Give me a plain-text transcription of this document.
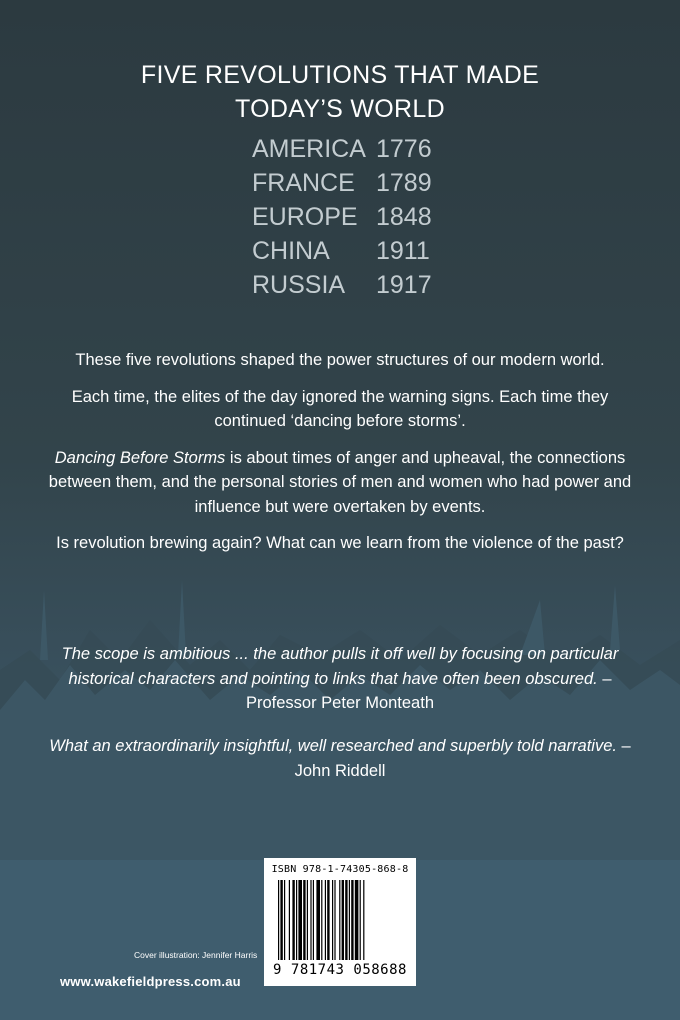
FIVE REVOLUTIONS THAT MADE
TODAY’S WORLD
AMERICA 1776
FRANCE 1789
EUROPE 1848
CHINA	1911
RUSSIA	1917

These five revolutions shaped the power structures of our modern world.

Each time, the elites of the day ignored the warning signs. Each time they continued ‘dancing before storms’.

Dancing Before Storms is about times of anger and upheaval, the connections between them, and the personal stories of men and women who had power and influence but were overtaken by events.

Is revolution brewing again? What can we learn from the violence of the past?

The scope is ambitious ... the author pulls it off well by focusing on particular historical characters and pointing to links that have often been obscured. – Professor Peter Monteath
What an extraordinarily insightful, well researched and superbly told narrative. – John Riddell
ISBN 978-1-74305-868-8
9 781743 058688
Cover illustration: Jennifer Harris
www.wakefieldpress.com.au
